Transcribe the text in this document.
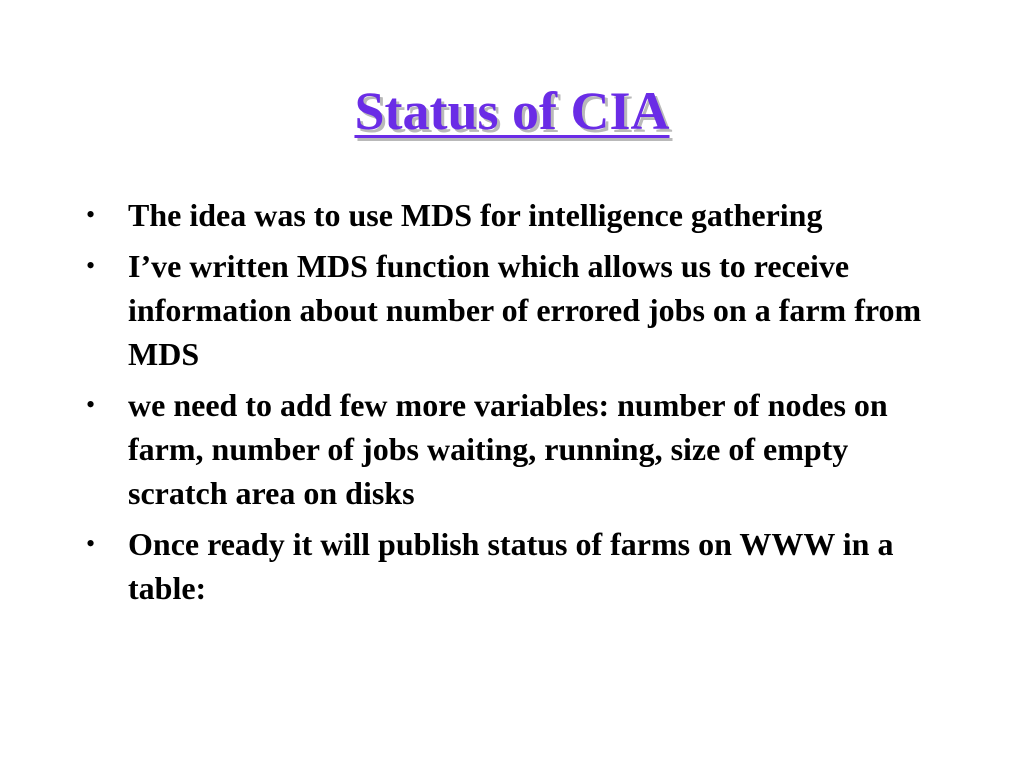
Status of CIA
• The idea was to use MDS for intelligence gathering
• I’ve written MDS function which allows us to receive information about number of errored jobs on a farm from MDS
• we need to add few more variables: number of nodes on farm, number of jobs waiting, running, size of empty scratch area on disks
• Once ready it will publish status of farms on WWW in a table:
